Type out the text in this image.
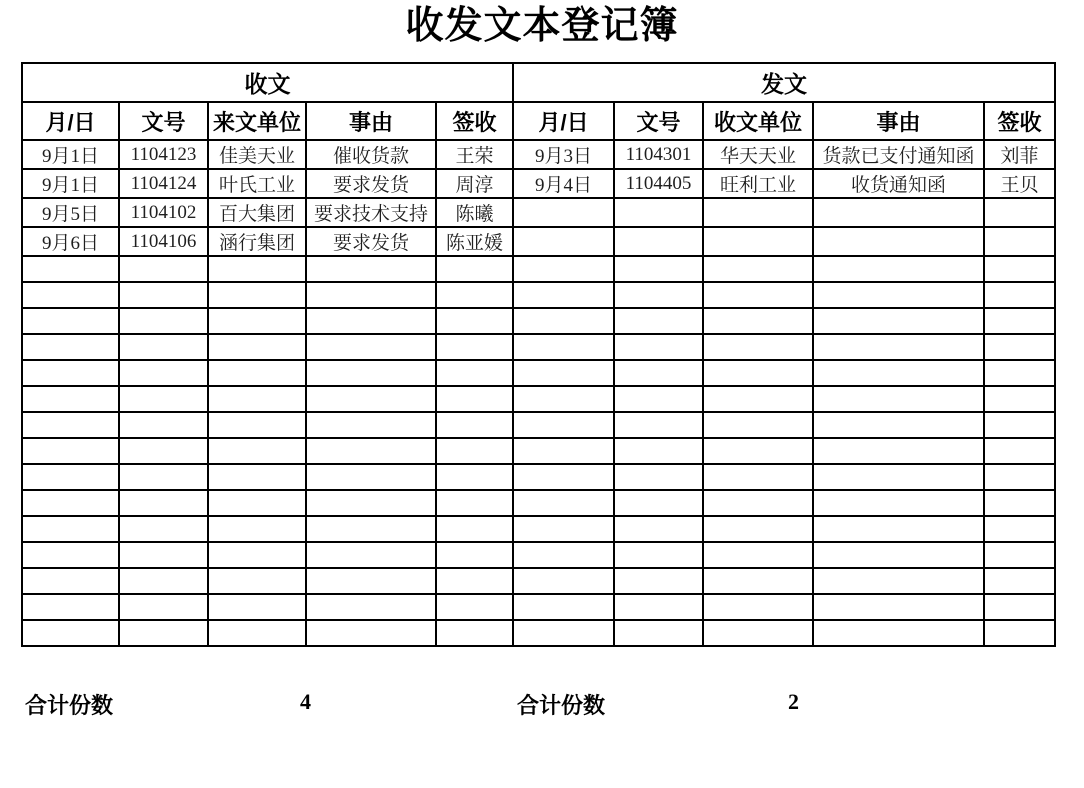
收发文本登记簿
收文					发文				
月/日	文号	来文单位	事由	签收	月/日	文号	收文单位	事由	签收
9月1日	1104123	佳美天业	催收货款	王荣	9月3日	1104301	华天天业	货款已支付通知函	刘菲
9月1日	1104124	叶氏工业	要求发货	周淳	9月4日	1104405	旺利工业	收货通知函	王贝
9月5日	1104102	百大集团	要求技术支持	陈曦					
9月6日	1104106	涵行集团	要求发货	陈亚媛					

合计份数	4	合计份数	2
